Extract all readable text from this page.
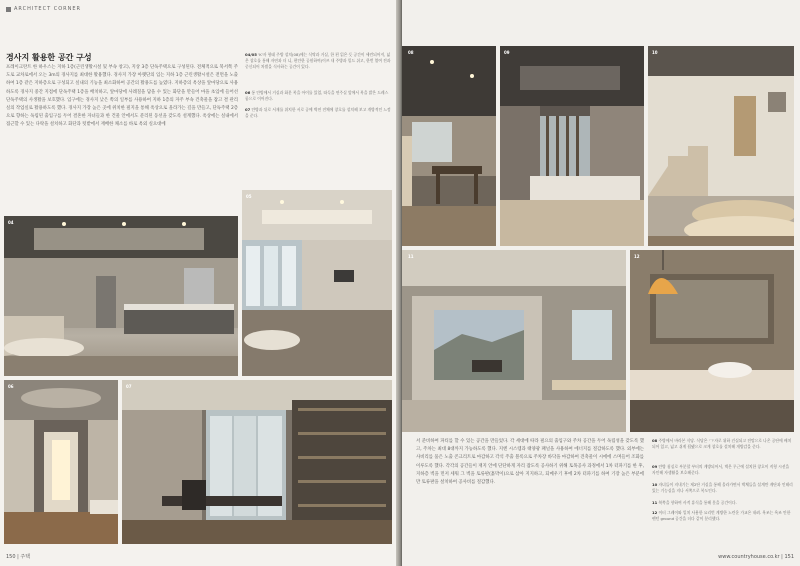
ARCHITECT CORNER
경사지 활용한 공간 구성
프레이크란트 한 하우스는 지하 1층(근린생활시설 및 부속 창고), 지상 3층 단독주택으로 구성된다. 전체적으로 북서쪽 주도로 교차로에서 오는 3m의 경사지를 최대한 활용했다. 경사지 가장 아랫단의 입는 지하 1층 근린생활시설은 전면을 노출하여 1층 같은 지하층으로 구성되고 실내의 기능을 최소화하여 공간의 활용도를 높였다. 지하층의 옥상을 앞마당으로 사용하도록 경사지 중간 지점에 단독주택 1층을 배치하고, 앞마당에 사례칠을 담을 수 있는 화단을 만들어 마을 초입에 들어선 단독주택의 사생활을 보호했다. 입구에는 경사지 낮은 쪽의 일부를 사용하여 지하 1층의 자주 부속 건축물을 잡고 결 관리실의 작업실로 활용하도록 했다. 경사지 가장 높은 곳에 위치한 필지을 통해 옥상으로 올라가는 길을 만들고, 단독주택 2층으로 향하는 독립된 출입구를 두어 결혼한 자녀들과 한 건물 안에서도 분리된 동선을 갖도록 설계했다. 옥상에는 실내에서 접근할 수 있는 다락을 설치하고 화단과 텃밭에서 재배한 채소를 바로 옥외 실으대에
04/05 'K'자 형태 주방 설치(08)에는 식탁과 거실, 한 편 읽은 듯 공간이 세련되어져, 넓은 창호를 통해 자연과 더 니, 편안한 공원하여(이즈 내 주방과 밀드 쉬고, 한번 열여 전과 중신되어 차별을 식사하는 공간이 있다.
06 통 안방에서 거실과 화분 복을 아이를 있었, 따득을 연주실 앞에서 복을 밝은 드레스룸으로 이어진다.
07 안방과 뒤로 서재를 위치한 서로 공예 벽연 전체에 창호를 설치해 보고 개방적인 느낌을 준다.
04
05
06	07
150 | 주택
08	09	10
11	12
서 준비하여 파티를 할 수 있는 공간을 만들었다. 각 세대에 따라 필요의 출입구와 주차 공간을 두어 독립성을 갖도록 했고, 주차는 최대 8대까지 가능하도록 했다. 지엔 시스템과 태양광 패널을 사용하여 에너지를 절감하도록 했다. 외부에는 사비리를 품은 노출 콘크리트로 마감하고 각석 주출 블록으로 주차장 바닥을 마감하여 견축물이 시에에 스며들어 조화를 이루도록 했다. 각각의 공간들이 재지 안에 단단하게 자리 잡도록 공사하기 위해 토목공사 과정에서 1차 터파기를 한 후, 지하층 벽을 먼저 세워 그 벽을 토류판(흙막이)으로 삼아 지지하고, 되메우기 후에 2차 터파기를 하여 기장 높은 부분에만 토류판을 설치하여 공사비를 절감했다.
08 주방에서 바라본 식당. 식당은 'ㄱ'자로 위하 건실되고 전망으로 나온 공단에 배치되어 있고, 넓고 쉬게 됩됐으로 크게 창호를 설치해 개방감을 준다.
09 안방 침실로 부분할 부터의 게방되어서, 벽은 무근에 설치한 창호이 직형 시선을 자인해 자생활을 보호해준다.
10 자녀들이 지내기는 제2단 거실을 통해 올라가면서 벽체들을 설계만 게단과 인테리 있는 기능실을 지나 서쪽으로 복도인다.
11 북쪽을 향하여 사적 휴식을 통해 분을 공간이다.
12 이터 그레이와 일치 사용한 요리번 계방한 노란운 가교은 내려. 욕조는 욕조 안한 펜던 ground 공간을 더다 같이 분리했다.
www.countryhouse.co.kr | 151
